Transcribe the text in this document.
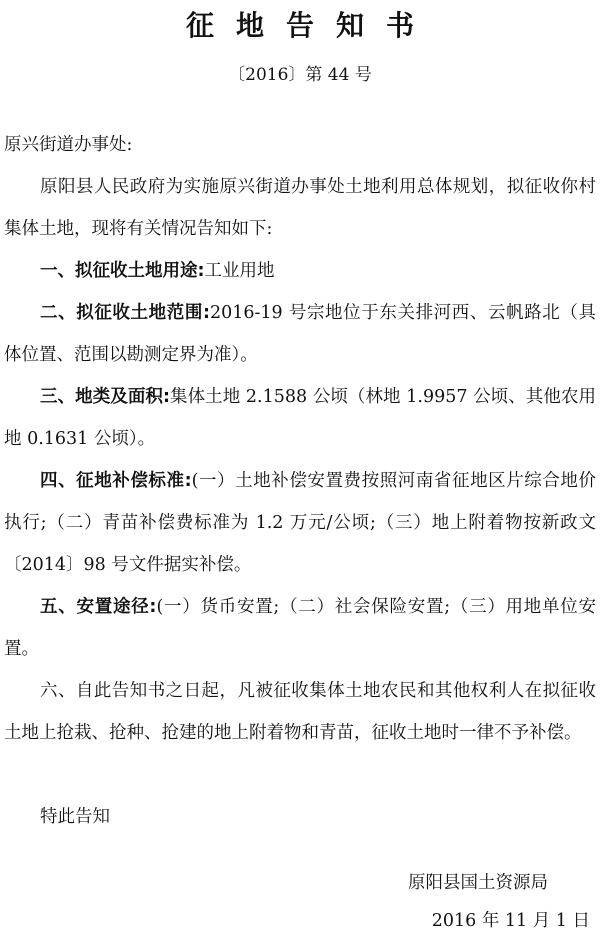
征地告知书
〔2016〕第 44 号
原兴街道办事处:

原阳县人民政府为实施原兴街道办事处土地利用总体规划，拟征收你村集体土地，现将有关情况告知如下:

一、拟征收土地用途:工业用地

二、拟征收土地范围:2016-19 号宗地位于东关排河西、云帆路北（具体位置、范围以勘测定界为准）。

三、地类及面积:集体土地 2.1588 公顷（林地 1.9957 公顷、其他农用地 0.1631 公顷）。

四、征地补偿标准:(一）土地补偿安置费按照河南省征地区片综合地价执行;（二）青苗补偿费标准为 1.2 万元/公顷;（三）地上附着物按新政文〔2014〕98 号文件据实补偿。

五、安置途径:(一）货币安置;（二）社会保险安置;（三）用地单位安置。

六、自此告知书之日起，凡被征收集体土地农民和其他权利人在拟征收土地上抢栽、抢种、抢建的地上附着物和青苗，征收土地时一律不予补偿。

特此告知

原阳县国土资源局
2016 年 11 月 1 日
